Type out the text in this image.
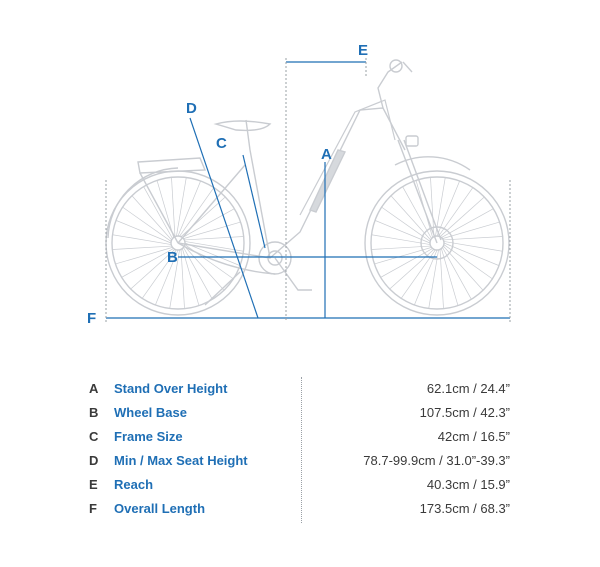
E
D
C
A
B
F
A Stand Over Height	62.1cm / 24.4”
B Wheel Base	107.5cm / 42.3”
C Frame Size	42cm / 16.5”
D Min / Max Seat Height	78.7-99.9cm / 31.0”-39.3”
E Reach	40.3cm / 15.9”
F Overall Length	173.5cm / 68.3”
